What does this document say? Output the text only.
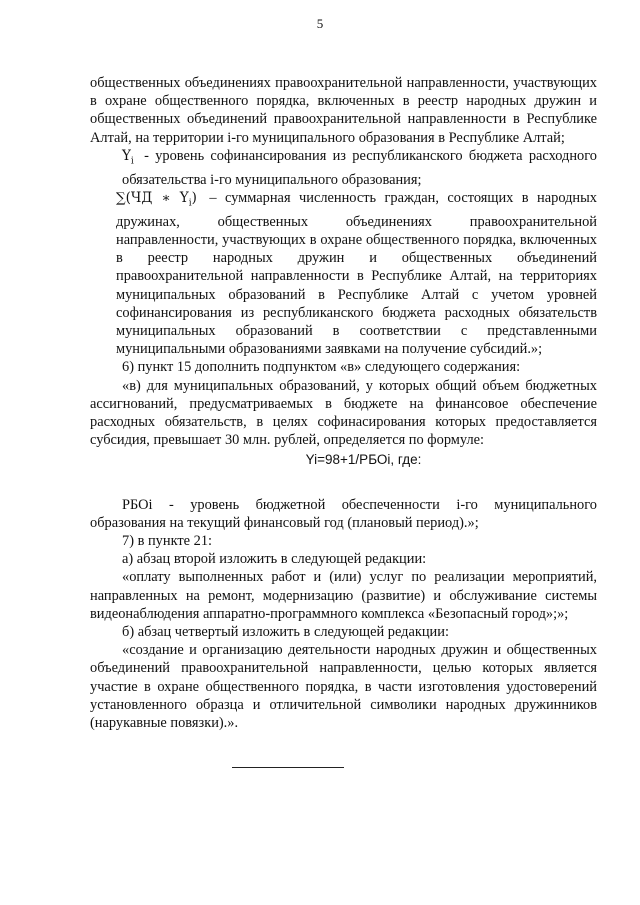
5

общественных объединениях правоохранительной направленности, участвующих в охране общественного порядка, включенных в реестр народных дружин и общественных объединений правоохранительной направленности в Республике Алтай, на территории i-го муниципального образования в Республике Алтай;

$Y_i$ - уровень софинансирования из республиканского бюджета расходного обязательства i-го муниципального образования;

∑(ЧД ∗ $Y_i$) – суммарная численность граждан, состоящих в народных дружинах, общественных объединениях правоохранительной направленности, участвующих в охране общественного порядка, включенных в реестр народных дружин и общественных объединений правоохранительной направленности в Республике Алтай, на территориях муниципальных образований в Республике Алтай с учетом уровней софинансирования из республиканского бюджета расходных обязательств муниципальных образований в соответствии с представленными муниципальными образованиями заявками на получение субсидий.»;

6) пункт 15 дополнить подпунктом «в» следующего содержания:

«в) для муниципальных образований, у которых общий объем бюджетных ассигнований, предусматриваемых в бюджете на финансовое обеспечение расходных обязательств, в целях софинасирования которых предоставляется субсидия, превышает 30 млн. рублей, определяется по формуле:

Yi=98+1/РБОi, где:

РБОi - уровень бюджетной обеспеченности i-го муниципального образования на текущий финансовый год (плановый период).»;

7) в пункте 21:

а) абзац второй изложить в следующей редакции:

«оплату выполненных работ и (или) услуг по реализации мероприятий, направленных на ремонт, модернизацию (развитие) и обслуживание системы видеонаблюдения аппаратно-программного комплекса «Безопасный город»;»;

б) абзац четвертый изложить в следующей редакции:

«создание и организацию деятельности народных дружин и общественных объединений правоохранительной направленности, целью которых является участие в охране общественного порядка, в части изготовления удостоверений установленного образца и отличительной символики народных дружинников (нарукавные повязки).».
